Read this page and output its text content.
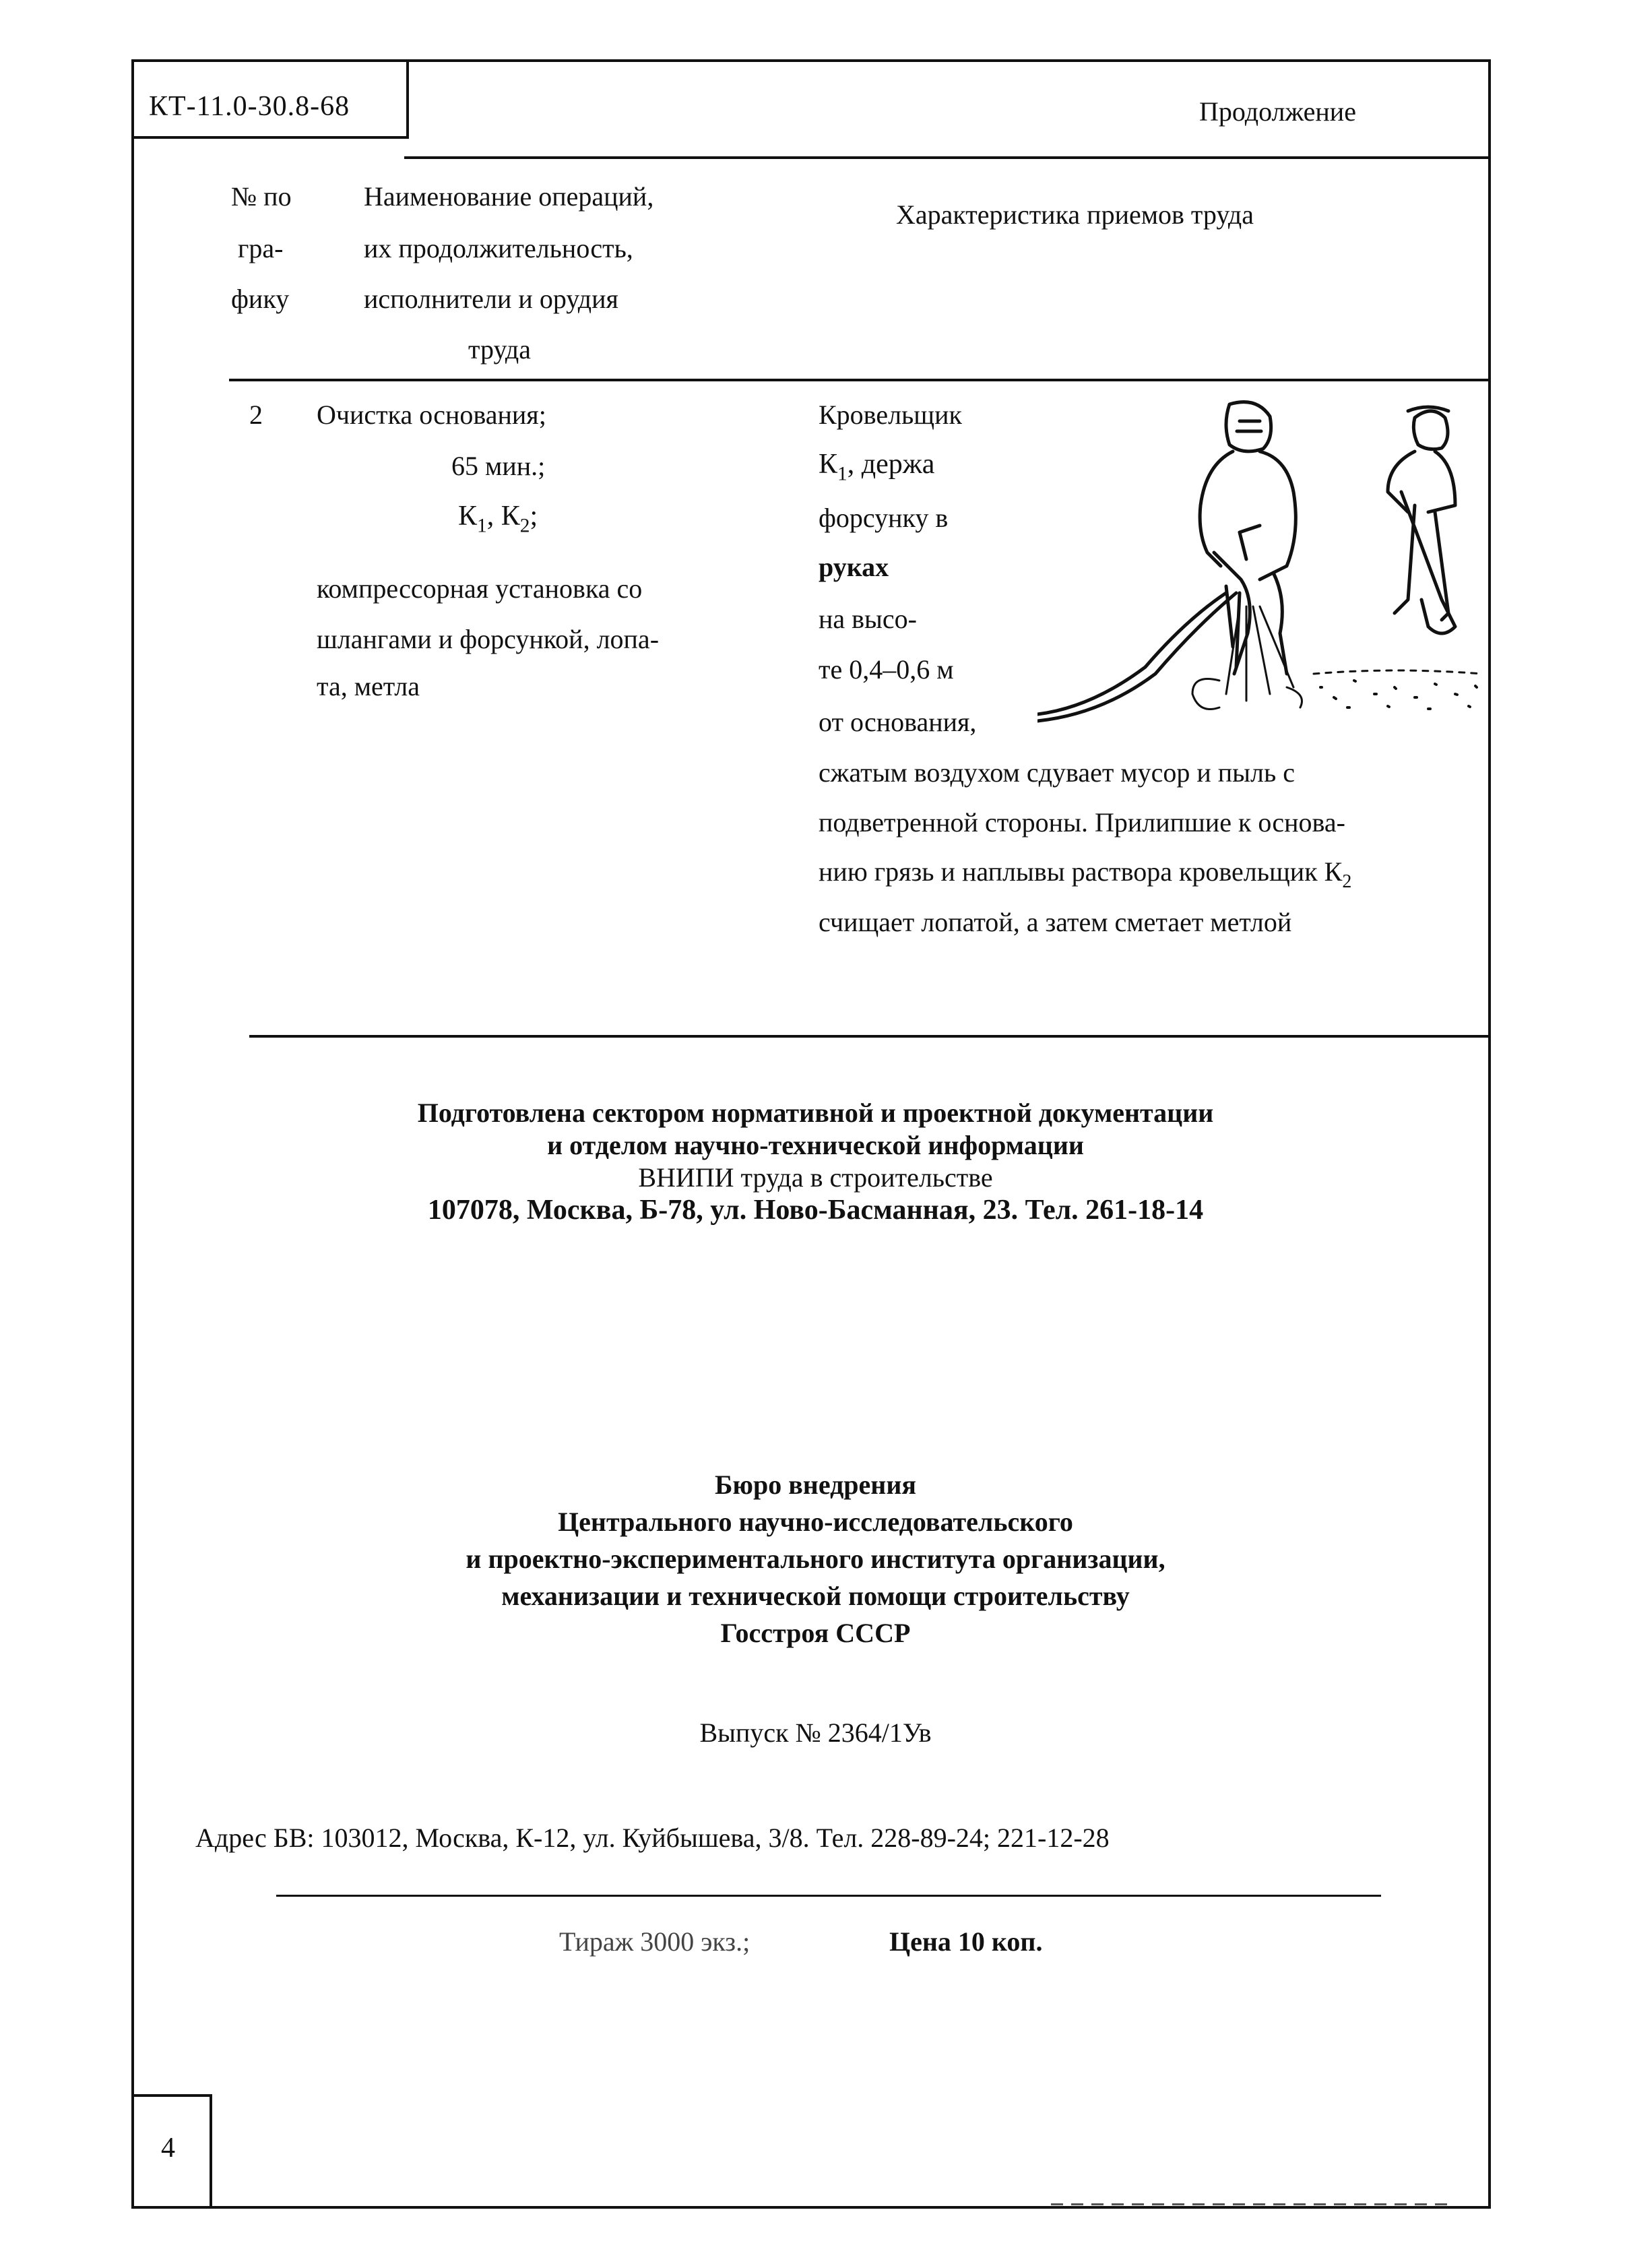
КТ-11.0-30.8-68	Продолжение
№ по
гра-
фику
Наименование операций,
их продолжительность,
исполнители и орудия
труда
Характеристика приемов труда
2 Очистка основания;
65 мин.;
$К_1$, $К_2$;
компрессорная установка со
шлангами и форсункой, лопа-
та, метла
Кровельщик
$К_1$, держа
форсунку в
руках
на высо-
те 0,4–0,6 м
от основания,
сжатым воздухом сдувает мусор и пыль с
подветренной стороны. Прилипшие к основа-
нию грязь и наплывы раствора кровельщик $К_2$
счищает лопатой, а затем сметает метлой
Подготовлена сектором нормативной и проектной документации
и отделом научно-технической информации
ВНИПИ труда в строительстве
107078, Москва, Б-78, ул. Ново-Басманная, 23. Тел. 261-18-14
Бюро внедрения
Центрального научно-исследовательского
и проектно-экспериментального института организации,
механизации и технической помощи строительству
Госстроя СССР
Выпуск № 2364/1Ув
Адрес БВ: 103012, Москва, К-12, ул. Куйбышева, 3/8. Тел. 228-89-24; 221-12-28
Тираж 3000 экз.;	Цена 10 коп.
4
